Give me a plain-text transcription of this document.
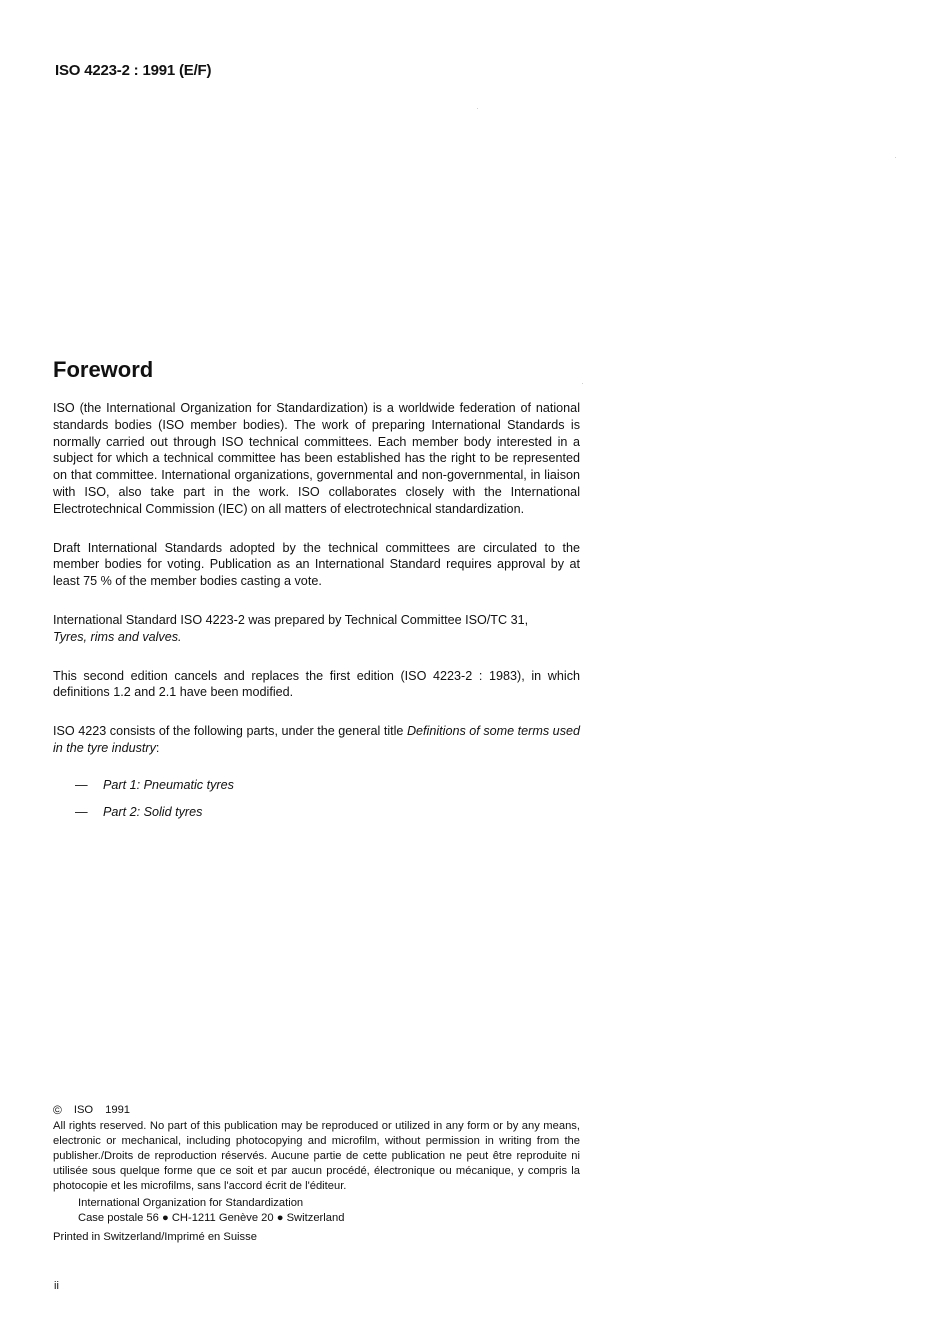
ISO 4223-2 : 1991 (E/F)
Foreword

ISO (the International Organization for Standardization) is a worldwide federation of national standards bodies (ISO member bodies). The work of preparing International Standards is normally carried out through ISO technical committees. Each member body interested in a subject for which a technical committee has been established has the right to be represented on that committee. International organizations, governmental and non-governmental, in liaison with ISO, also take part in the work. ISO collaborates closely with the International Electrotechnical Commission (IEC) on all matters of electrotechnical standardization.

Draft International Standards adopted by the technical committees are circulated to the member bodies for voting. Publication as an International Standard requires approval by at least 75 % of the member bodies casting a vote.

International Standard ISO 4223-2 was prepared by Technical Committee ISO/TC 31,
Tyres, rims and valves.

This second edition cancels and replaces the first edition (ISO 4223-2 : 1983), in which definitions 1.2 and 2.1 have been modified.

ISO 4223 consists of the following parts, under the general title Definitions of some terms used in the tyre industry:

—	Part 1: Pneumatic tyres
—	Part 2: Solid tyres
© ISO 1991
All rights reserved. No part of this publication may be reproduced or utilized in any form or by any means, electronic or mechanical, including photocopying and microfilm, without permission in writing from the publisher./Droits de reproduction réservés. Aucune partie de cette publication ne peut être reproduite ni utilisée sous quelque forme que ce soit et par aucun procédé, électronique ou mécanique, y compris la photocopie et les microfilms, sans l'accord écrit de l'éditeur.
International Organization for Standardization
Case postale 56 ● CH-1211 Genève 20 ● Switzerland
Printed in Switzerland/Imprimé en Suisse
ii
